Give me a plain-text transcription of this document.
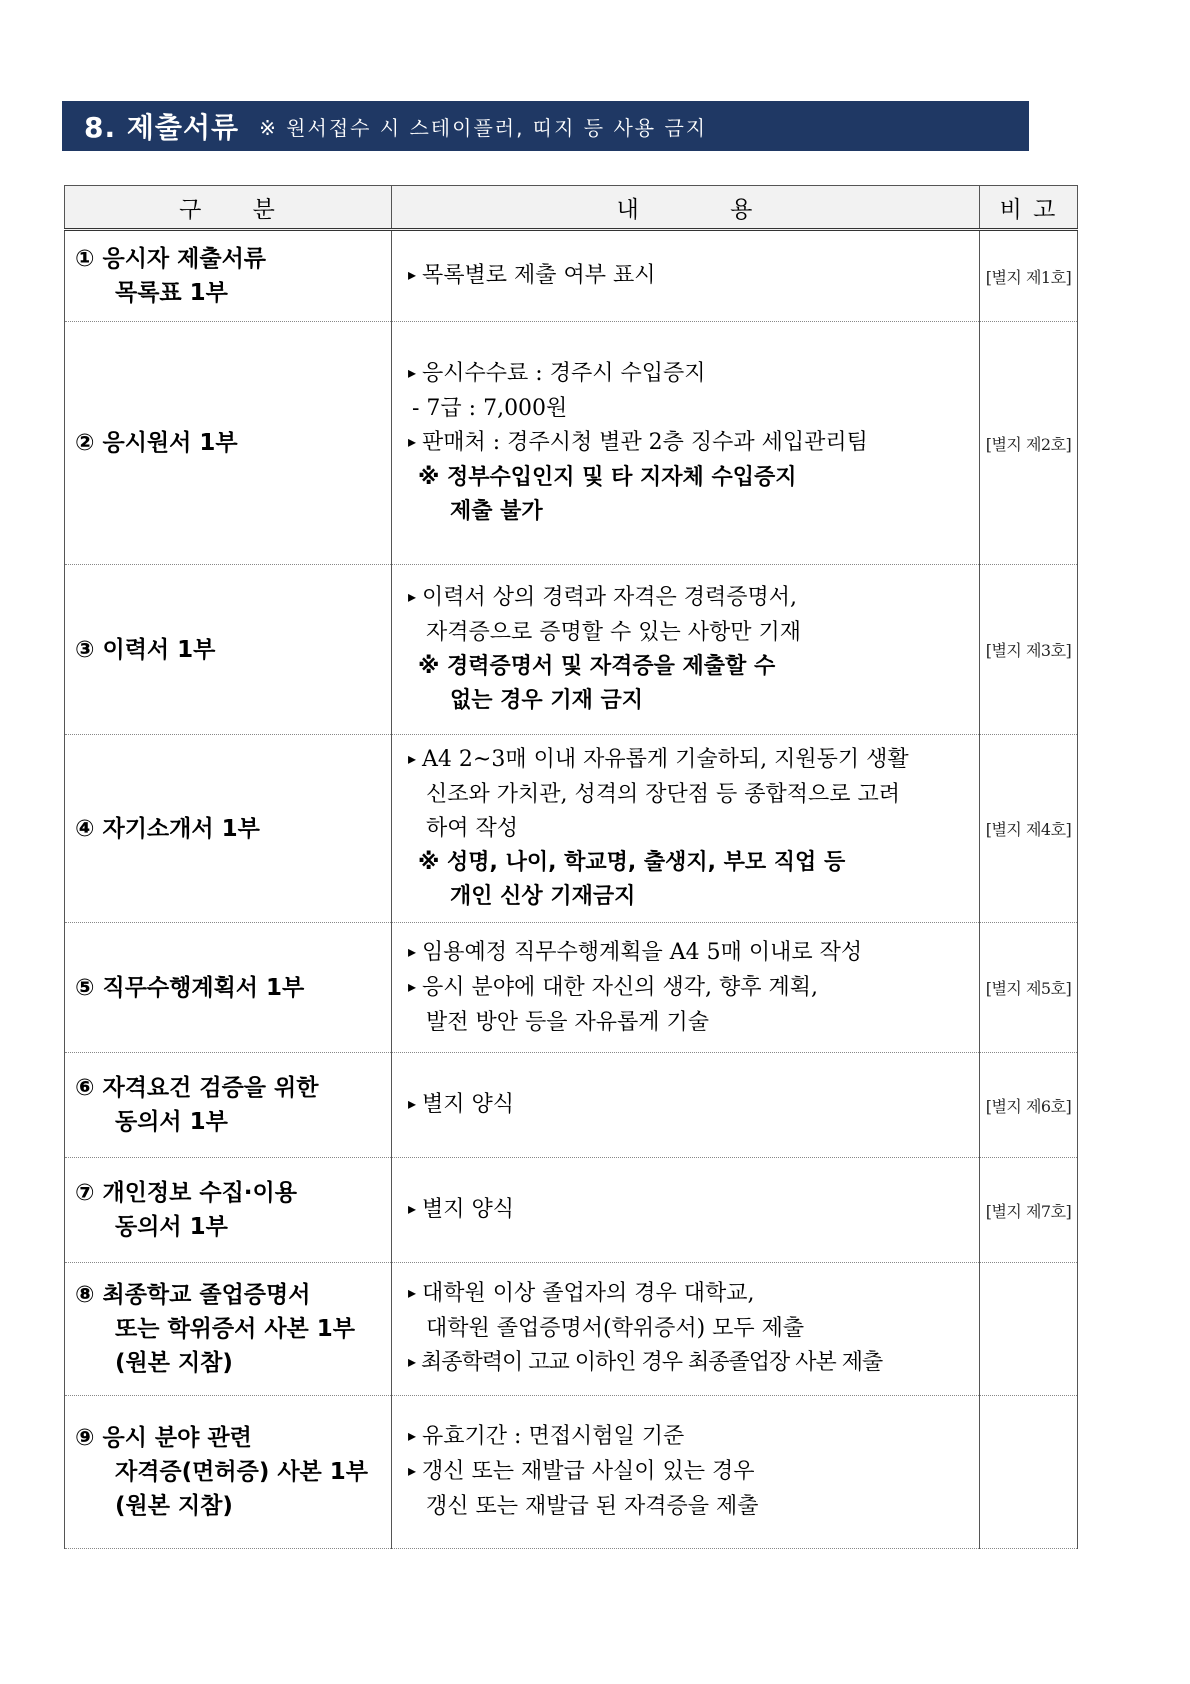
8. 제출서류 ※ 원서접수 시 스테이플러, 띠지 등 사용 금지
구 분	내 용	비 고

① 응시자 제출서류
목록표 1부	▸ 목록별로 제출 여부 표시	[별지 제1호]

② 응시원서 1부	▸ 응시수수료 : 경주시 수입증지
- 7급 : 7,000원
▸ 판매처 : 경주시청 별관 2층 징수과 세입관리팀
※ 정부수입인지 및 타 지자체 수입증지
제출 불가	[별지 제2호]

③ 이력서 1부	▸ 이력서 상의 경력과 자격은 경력증명서,
자격증으로 증명할 수 있는 사항만 기재
※ 경력증명서 및 자격증을 제출할 수
없는 경우 기재 금지	[별지 제3호]

④ 자기소개서 1부	▸ A4 2~3매 이내 자유롭게 기술하되, 지원동기 생활
신조와 가치관, 성격의 장단점 등 종합적으로 고려
하여 작성
※ 성명, 나이, 학교명, 출생지, 부모 직업 등
개인 신상 기재금지	[별지 제4호]

⑤ 직무수행계획서 1부	▸ 임용예정 직무수행계획을 A4 5매 이내로 작성
▸ 응시 분야에 대한 자신의 생각, 향후 계획,
발전 방안 등을 자유롭게 기술	[별지 제5호]

⑥ 자격요건 검증을 위한
동의서 1부	▸ 별지 양식	[별지 제6호]

⑦ 개인정보 수집·이용
동의서 1부	▸ 별지 양식	[별지 제7호]

⑧ 최종학교 졸업증명서
또는 학위증서 사본 1부
(원본 지참)	▸ 대학원 이상 졸업자의 경우 대학교,
대학원 졸업증명서(학위증서) 모두 제출
▸ 최종학력이 고교 이하인 경우 최종졸업장 사본 제출

⑨ 응시 분야 관련
자격증(면허증) 사본 1부
(원본 지참)	▸ 유효기간 : 면접시험일 기준
▸ 갱신 또는 재발급 사실이 있는 경우
갱신 또는 재발급 된 자격증을 제출
